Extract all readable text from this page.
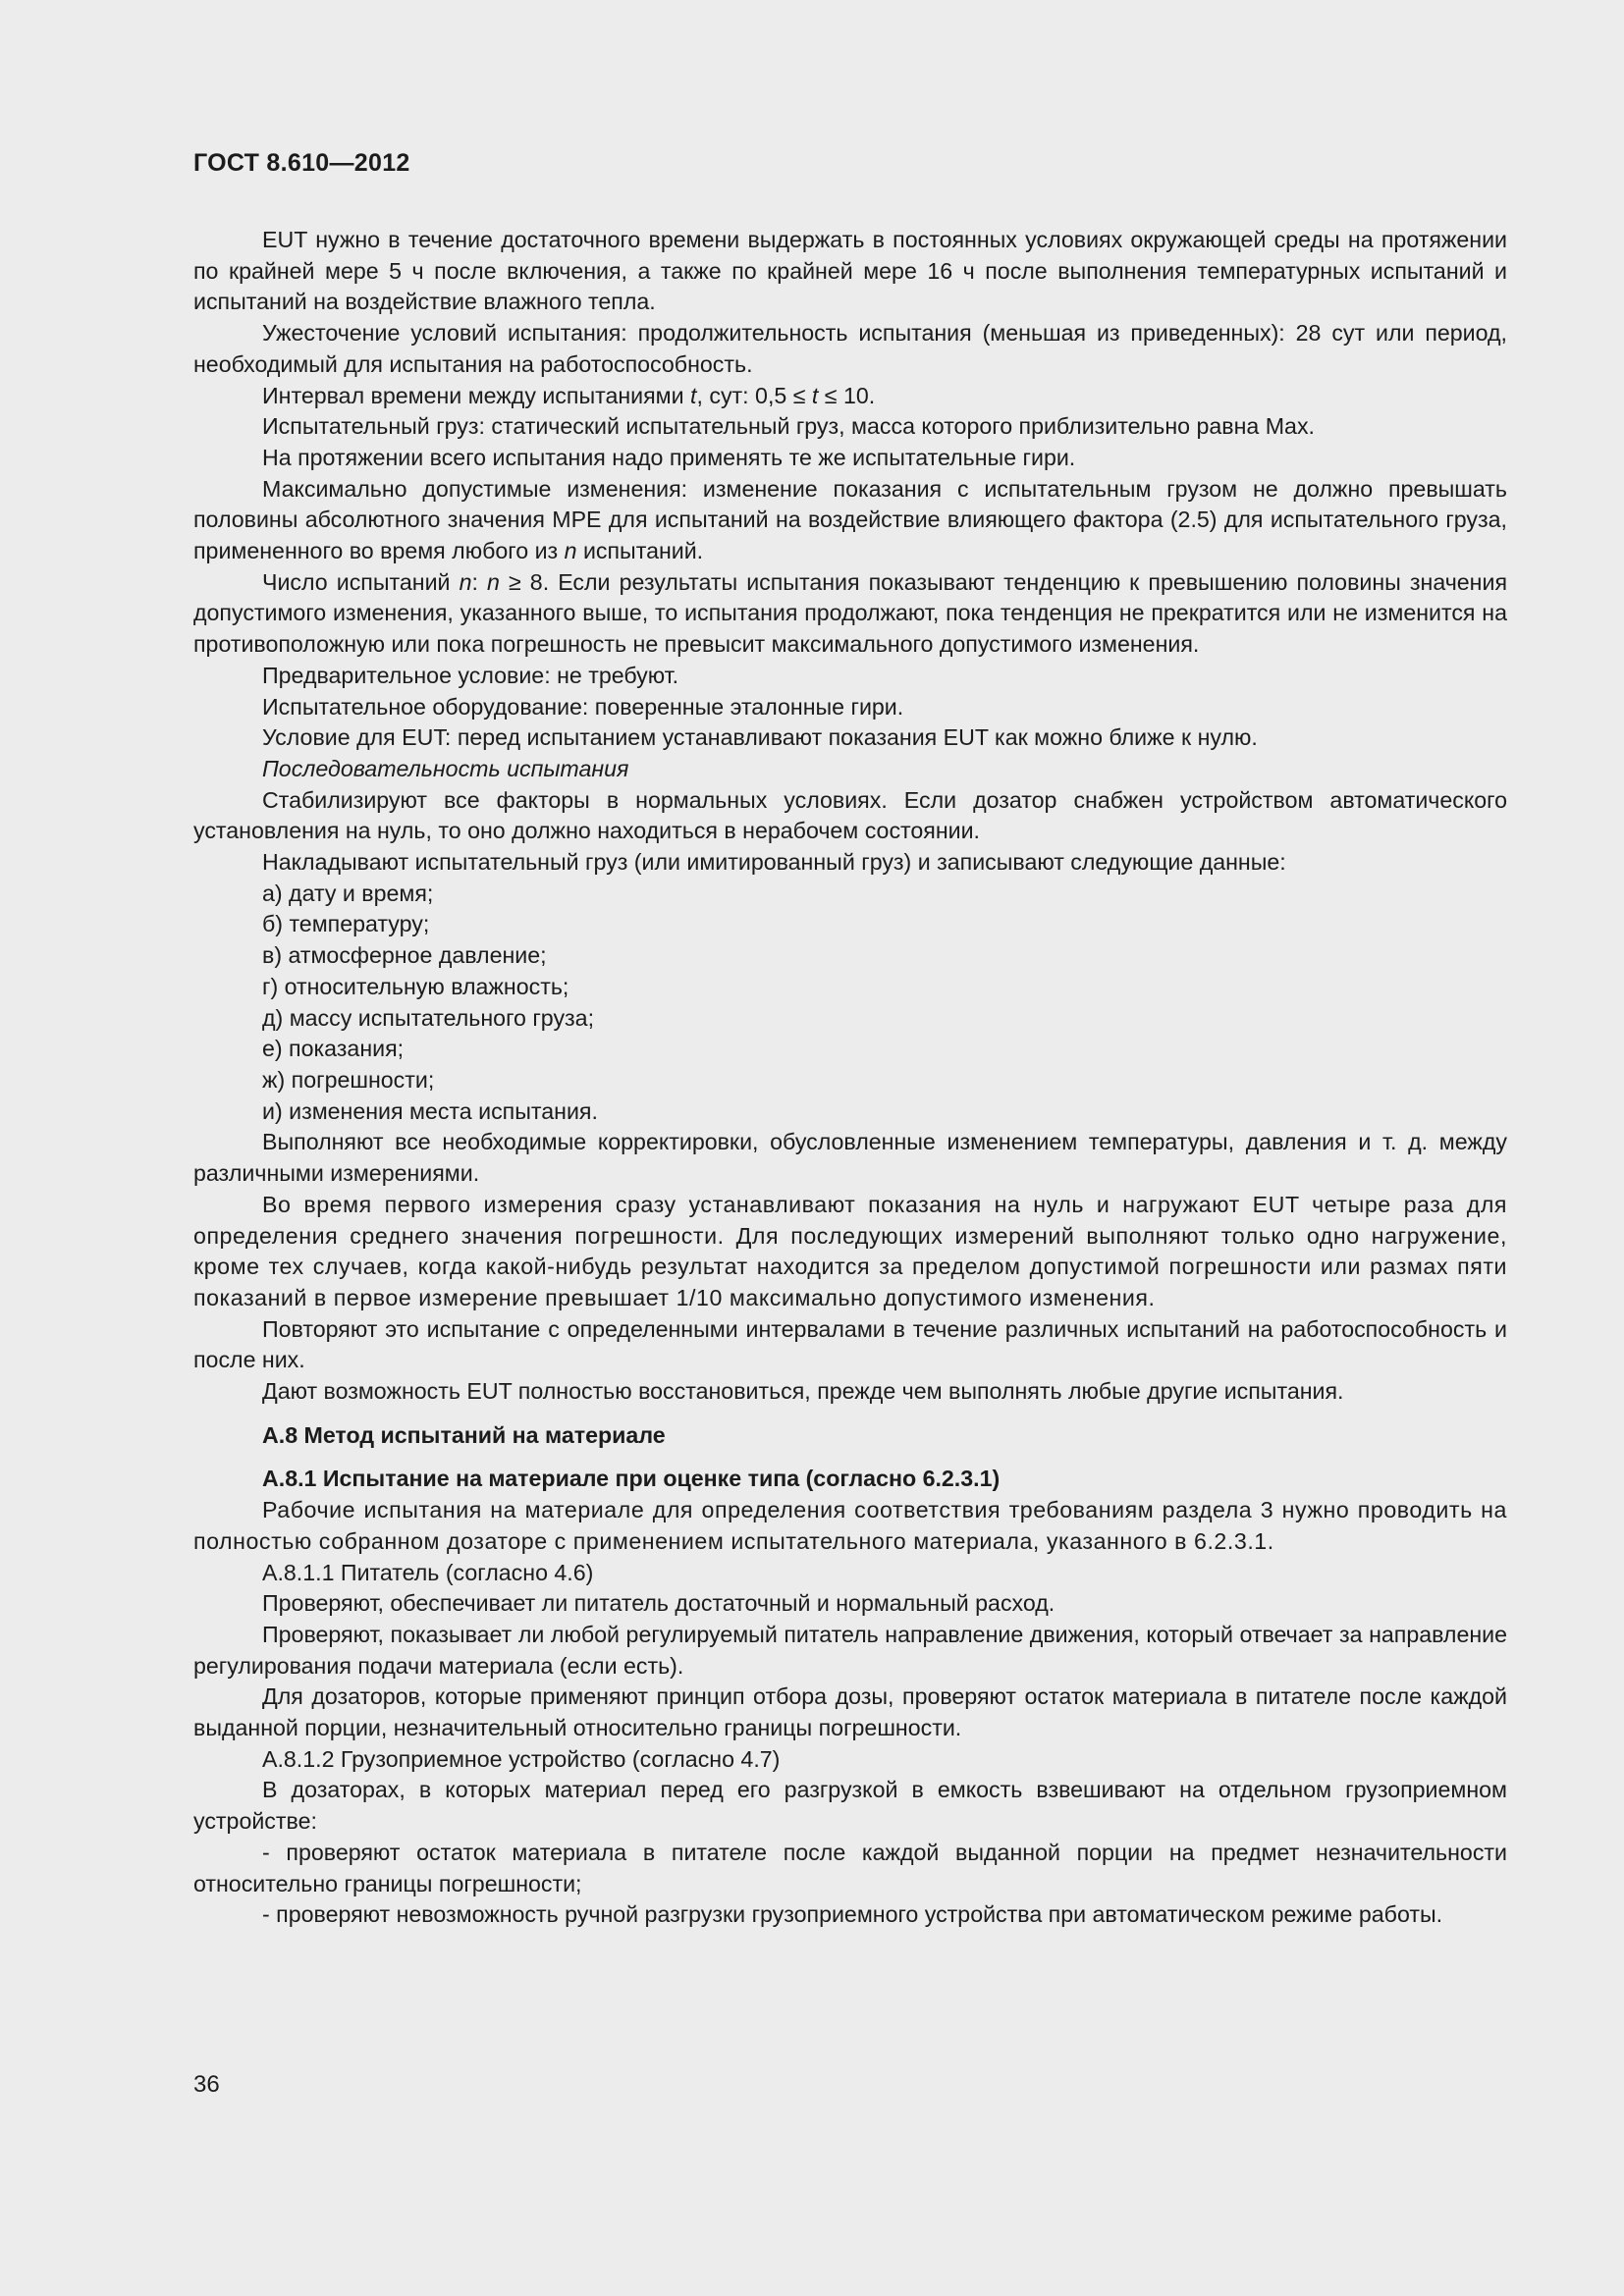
ГОСТ 8.610—2012

EUT нужно в течение достаточного времени выдержать в постоянных условиях окружающей среды на протяжении по крайней мере 5 ч после включения, а также по крайней мере 16 ч после выполнения температурных испытаний и испытаний на воздействие влажного тепла.

Ужесточение условий испытания: продолжительность испытания (меньшая из приведенных): 28 сут или период, необходимый для испытания на работоспособность.

Интервал времени между испытаниями t, сут: 0,5 ≤ t ≤ 10.

Испытательный груз: статический испытательный груз, масса которого приблизительно равна Max.

На протяжении всего испытания надо применять те же испытательные гири.

Максимально допустимые изменения: изменение показания с испытательным грузом не должно превышать половины абсолютного значения МРЕ для испытаний на воздействие влияющего фактора (2.5) для испытательного груза, примененного во время любого из n испытаний.

Число испытаний n: n ≥ 8. Если результаты испытания показывают тенденцию к превышению половины значения допустимого изменения, указанного выше, то испытания продолжают, пока тенденция не прекратится или не изменится на противоположную или пока погрешность не превысит максимального допустимого изменения.

Предварительное условие: не требуют.

Испытательное оборудование: поверенные эталонные гири.

Условие для EUT: перед испытанием устанавливают показания EUT как можно ближе к нулю.

Последовательность испытания

Стабилизируют все факторы в нормальных условиях. Если дозатор снабжен устройством автоматического установления на нуль, то оно должно находиться в нерабочем состоянии.

Накладывают испытательный груз (или имитированный груз) и записывают следующие данные:

а) дату и время;

б) температуру;

в) атмосферное давление;

г) относительную влажность;

д) массу испытательного груза;

е) показания;

ж) погрешности;

и) изменения места испытания.

Выполняют все необходимые корректировки, обусловленные изменением температуры, давления и т. д. между различными измерениями.

Во время первого измерения сразу устанавливают показания на нуль и нагружают EUT четыре раза для определения среднего значения погрешности. Для последующих измерений выполняют только одно нагружение, кроме тех случаев, когда какой-нибудь результат находится за пределом допустимой погрешности или размах пяти показаний в первое измерение превышает 1/10 максимально допустимого изменения.

Повторяют это испытание с определенными интервалами в течение различных испытаний на работоспособность и после них.

Дают возможность EUT полностью восстановиться, прежде чем выполнять любые другие испытания.

А.8 Метод испытаний на материале

А.8.1 Испытание на материале при оценке типа (согласно 6.2.3.1)

Рабочие испытания на материале для определения соответствия требованиям раздела 3 нужно проводить на полностью собранном дозаторе с применением испытательного материала, указанного в 6.2.3.1.

А.8.1.1 Питатель (согласно 4.6)

Проверяют, обеспечивает ли питатель достаточный и нормальный расход.

Проверяют, показывает ли любой регулируемый питатель направление движения, который отвечает за направление регулирования подачи материала (если есть).

Для дозаторов, которые применяют принцип отбора дозы, проверяют остаток материала в питателе после каждой выданной порции, незначительный относительно границы погрешности.

А.8.1.2 Грузоприемное устройство (согласно 4.7)

В дозаторах, в которых материал перед его разгрузкой в емкость взвешивают на отдельном грузоприемном устройстве:

- проверяют остаток материала в питателе после каждой выданной порции на предмет незначительности относительно границы погрешности;

- проверяют невозможность ручной разгрузки грузоприемного устройства при автоматическом режиме работы.

36
